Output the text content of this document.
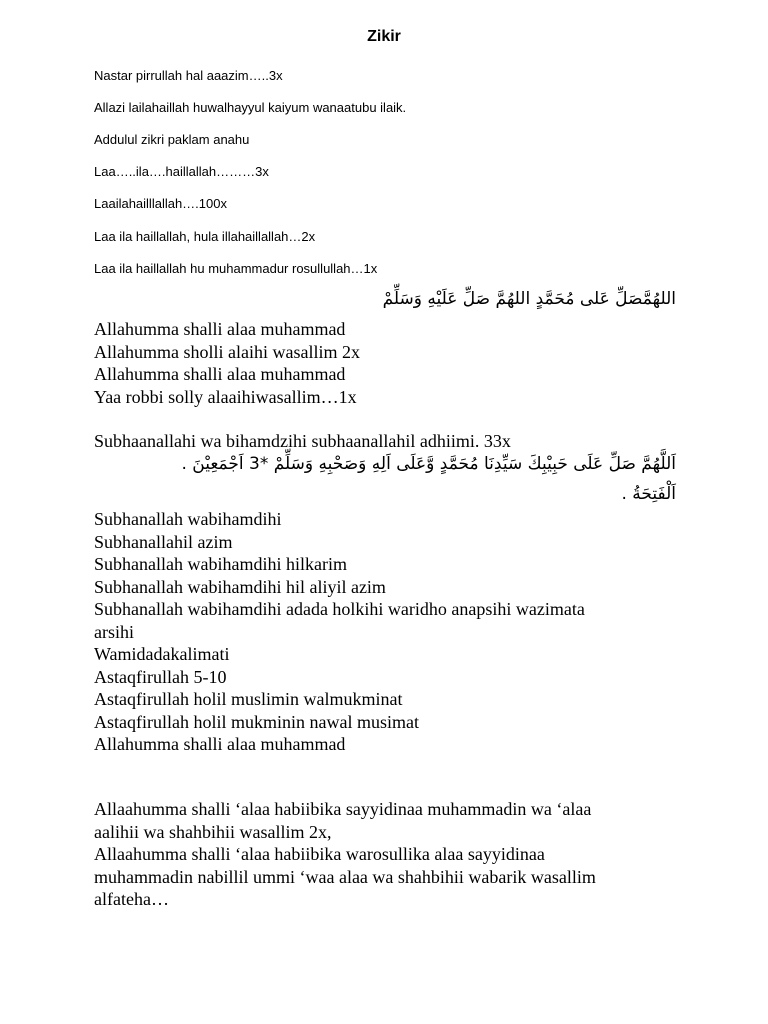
Zikir
Nastar pirrullah hal aaazim…..3x
Allazi lailahaillah huwalhayyul kaiyum wanaatubu ilaik.
Addulul zikri paklam anahu
Laa…..ila….haillallah………3x
Laailahailllallah….100x
Laa ila haillallah, hula illahaillallah…2x
Laa ila haillallah hu muhammadur rosullullah…1x
اللهُمَّصَلِّ عَلى مُحَمَّدٍ اللهُمَّ صَلِّ عَلَيْهِ وَسَلِّمْ
Allahumma shalli alaa muhammad
Allahumma sholli alaihi wasallim 2x
Allahumma shalli alaa muhammad
Yaa robbi solly alaaihiwasallim…1x
Subhaanallahi wa bihamdzihi subhaanallahil adhiimi. 33x
اَللَّهُمَّ صَلِّ عَلَى حَبِيْبِكَ سَيِّدِنَا مُحَمَّدٍ وَّعَلَى اَلِهِ وَصَحْبِهِ وَسَلِّمْ *3 اَجْمَعِيْنَ .
اَلْفَتِحَةُ .
Subhanallah wabihamdihi
Subhanallahil azim
Subhanallah wabihamdihi hilkarim
Subhanallah wabihamdihi hil aliyil azim
Subhanallah wabihamdihi adada holkihi waridho anapsihi wazimata
arsihi
Wamidadakalimati
Astaqfirullah 5-10
Astaqfirullah holil muslimin walmukminat
Astaqfirullah holil mukminin nawal musimat
Allahumma shalli alaa muhammad
Allaahumma shalli ‘alaa habiibika sayyidinaa muhammadin wa ‘alaa
aalihii wa shahbihii wasallim 2x,
Allaahumma shalli ‘alaa habiibika warosullika alaa sayyidinaa
muhammadin nabillil ummi ‘waa alaa wa shahbihii wabarik wasallim
alfateha…
